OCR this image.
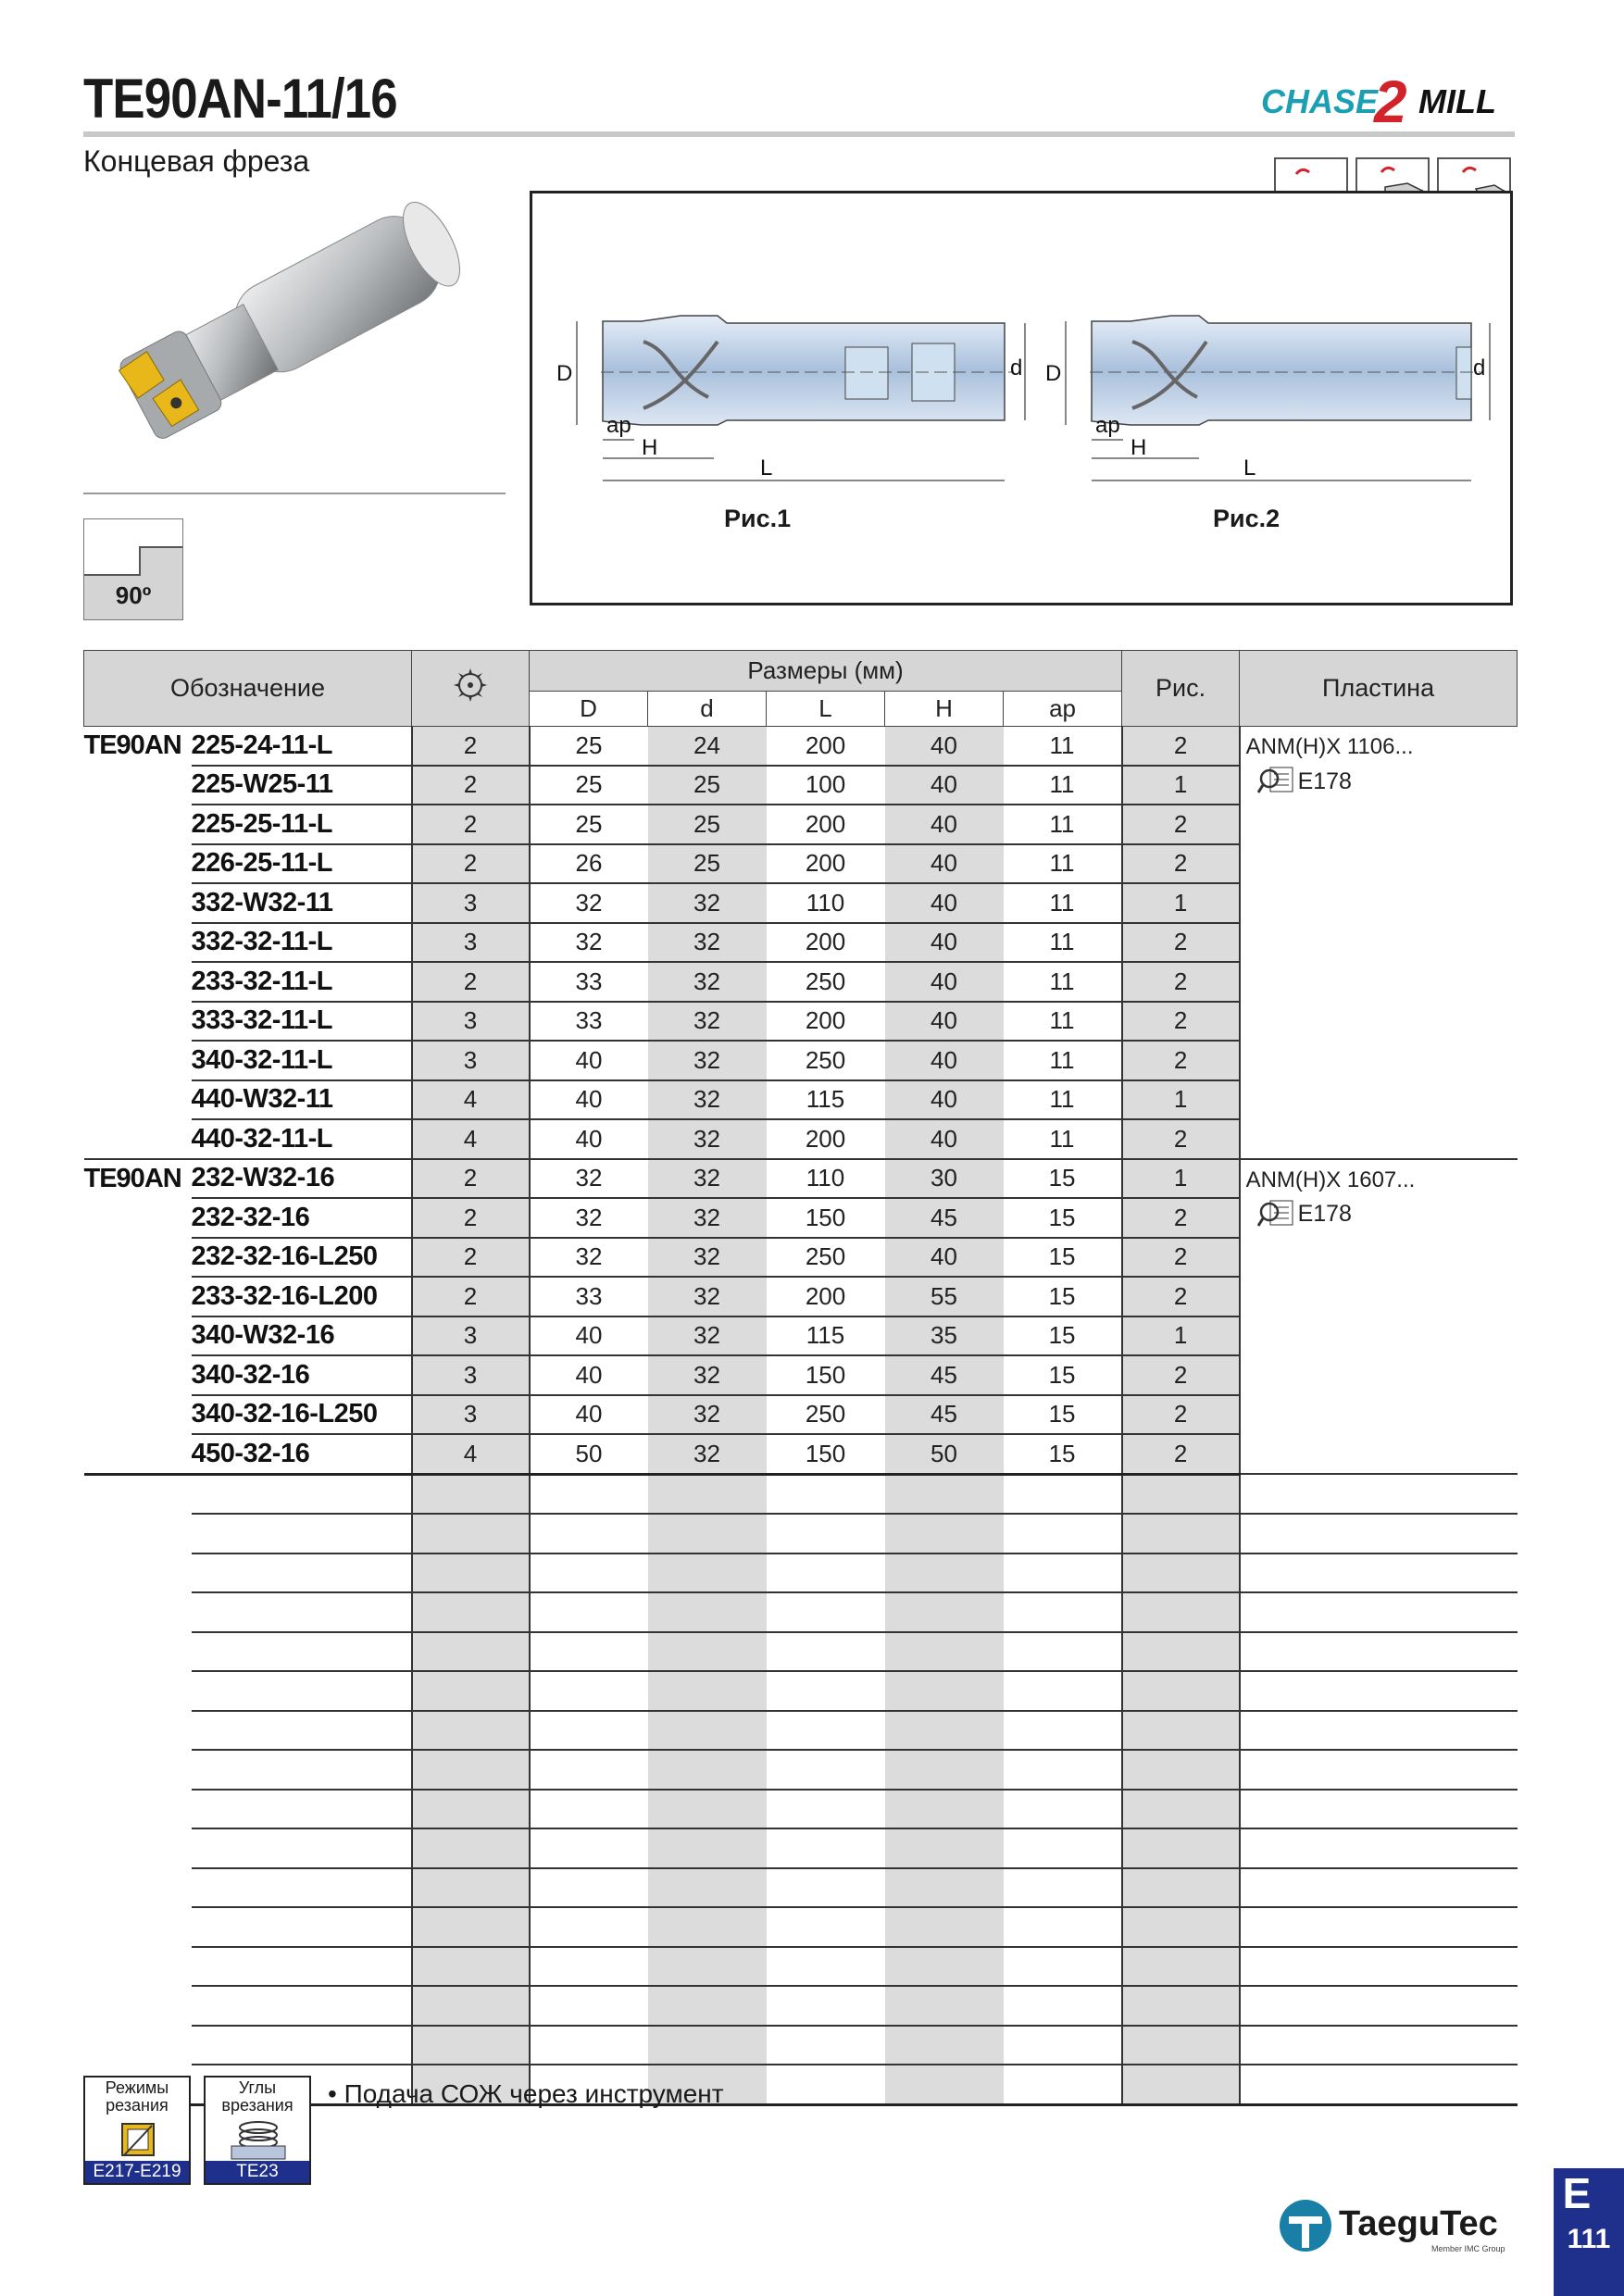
TE90AN-11/16
Концевая фреза
CHASE
2 MILL
90º
D	d
ap
H
L
D	d
ap
H
L
Рис.1	Рис.2
Обозначение			Размеры (мм)					Рис.	Пластина
			D	d	L	H	ap		
TE90AN	225-24-11-L	2	25	24	200	40	11	2	ANM(H)X 1106...
E178

	225-W25-11	2	25	25	100	40	11	1	
	225-25-11-L	2	25	25	200	40	11	2	
	226-25-11-L	2	26	25	200	40	11	2	
	332-W32-11	3	32	32	110	40	11	1	
	332-32-11-L	3	32	32	200	40	11	2	
	233-32-11-L	2	33	32	250	40	11	2	
	333-32-11-L	3	33	32	200	40	11	2	
	340-32-11-L	3	40	32	250	40	11	2	
	440-W32-11	4	40	32	115	40	11	1	
	440-32-11-L	4	40	32	200	40	11	2	
TE90AN	232-W32-16	2	32	32	110	30	15	1	ANM(H)X 1607...
E178

	232-32-16	2	32	32	150	45	15	2	
	232-32-16-L250	2	32	32	250	40	15	2	
	233-32-16-L200	2	33	32	200	55	15	2	
	340-W32-16	3	40	32	115	35	15	1	
	340-32-16	3	40	32	150	45	15	2	
	340-32-16-L250	3	40	32	250	45	15	2	
	450-32-16	4	50	32	150	50	15	2	

Режимы резания
E217-E219
Углы врезания
TE23
• Подача СОЖ через инструмент
TaeguTec
Member IMC Group
E
111
